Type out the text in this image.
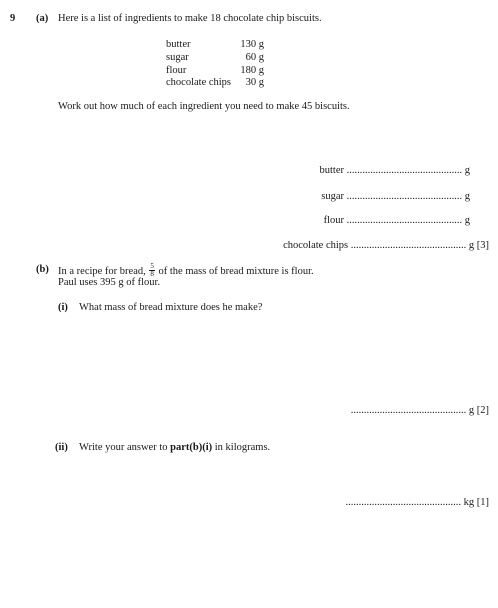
9 (a) Here is a list of ingredients to make 18 chocolate chip biscuits.
butter	130 g
sugar	60 g
flour	180 g
chocolate chips	30 g
Work out how much of each ingredient you need to make 45 biscuits.
butter ............................................ g
sugar ............................................ g
flour ............................................ g
chocolate chips ............................................ g [3]
(b) In a recipe for bread, $\frac{5}{8}$ of the mass of bread mixture is flour.
Paul uses 395 g of flour.
(i) What mass of bread mixture does he make?
............................................ g [2]
(ii) Write your answer to part(b)(i) in kilograms.
............................................ kg [1]
